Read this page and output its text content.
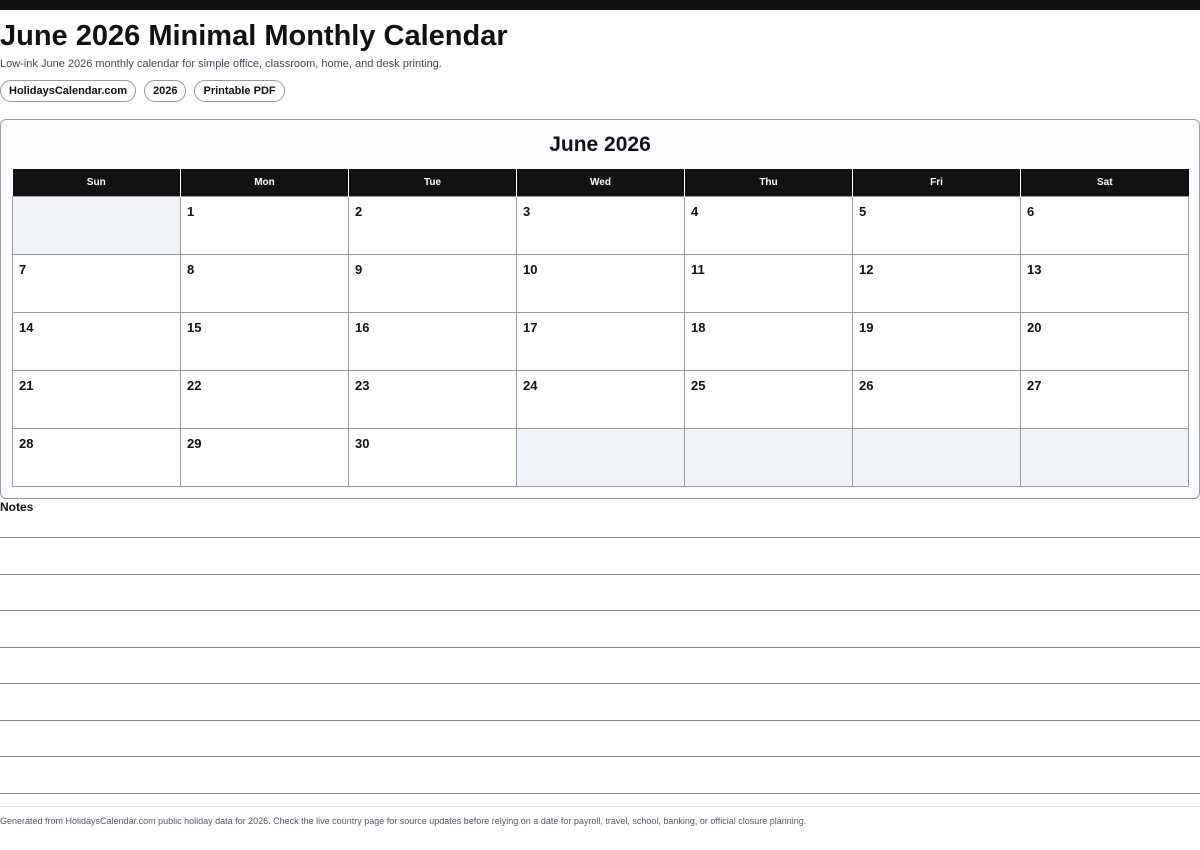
June 2026 Minimal Monthly Calendar
Low-ink June 2026 monthly calendar for simple office, classroom, home, and desk printing.
HolidaysCalendar.com	2026	Printable PDF
June 2026
Sun	Mon	Tue	Wed	Thu	Fri	Sat

	1	2	3	4	5	6

7	8	9	10	11	12	13

14	15	16	17	18	19	20

21	22	23	24	25	26	27

28	29	30				

Notes
Generated from HolidaysCalendar.com public holiday data for 2026. Check the live country page for source updates before relying on a date for payroll, travel, school, banking, or official closure planning.
